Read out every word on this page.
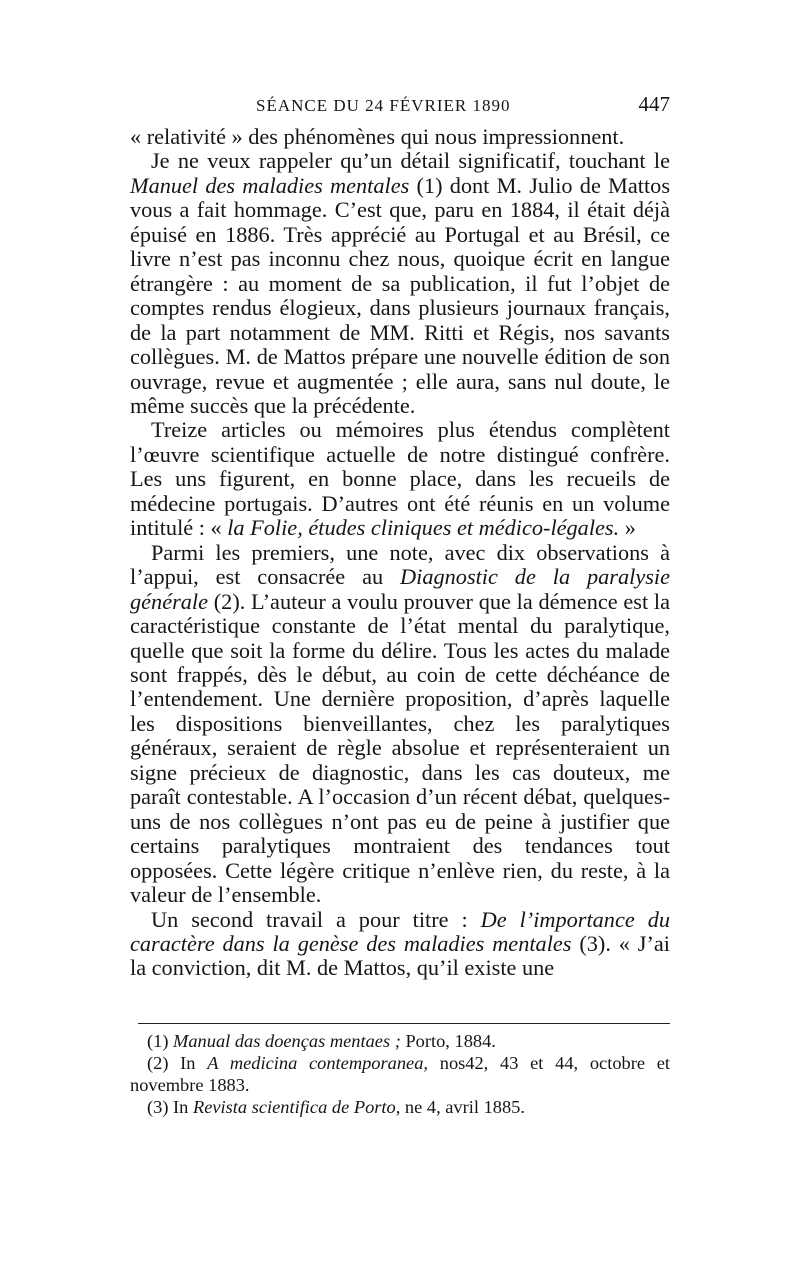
SÉANCE DU 24 FÉVRIER 1890	447

« relativité » des phénomènes qui nous impressionnent.

Je ne veux rappeler qu’un détail significatif, touchant le Manuel des maladies mentales (1) dont M. Julio de Mattos vous a fait hommage. C’est que, paru en 1884, il était déjà épuisé en 1886. Très apprécié au Portugal et au Brésil, ce livre n’est pas inconnu chez nous, quoique écrit en langue étrangère : au moment de sa publication, il fut l’objet de comptes rendus élogieux, dans plusieurs journaux français, de la part notamment de MM. Ritti et Régis, nos savants collègues. M. de Mattos prépare une nouvelle édition de son ouvrage, revue et augmentée ; elle aura, sans nul doute, le même succès que la précédente.

Treize articles ou mémoires plus étendus complètent l’œuvre scientifique actuelle de notre distingué confrère. Les uns figurent, en bonne place, dans les recueils de médecine portugais. D’autres ont été réunis en un volume intitulé : « la Folie, études cliniques et médico-légales. »

Parmi les premiers, une note, avec dix observations à l’appui, est consacrée au Diagnostic de la paralysie générale (2). L’auteur a voulu prouver que la démence est la caractéristique constante de l’état mental du paralytique, quelle que soit la forme du délire. Tous les actes du malade sont frappés, dès le début, au coin de cette déchéance de l’entendement. Une dernière proposition, d’après laquelle les dispositions bienveillantes, chez les paralytiques généraux, seraient de règle absolue et représenteraient un signe précieux de diagnostic, dans les cas douteux, me paraît contestable. A l’occasion d’un récent débat, quelques-uns de nos collègues n’ont pas eu de peine à justifier que certains paralytiques montraient des tendances tout opposées. Cette légère critique n’enlève rien, du reste, à la valeur de l’ensemble.

Un second travail a pour titre : De l’importance du caractère dans la genèse des maladies mentales (3). « J’ai la conviction, dit M. de Mattos, qu’il existe une

(1) Manual das doenças mentaes ; Porto, 1884.

(2) In A medicina contemporanea, nos42, 43 et 44, octobre et novembre 1883.

(3) In Revista scientifica de Porto, ne 4, avril 1885.
